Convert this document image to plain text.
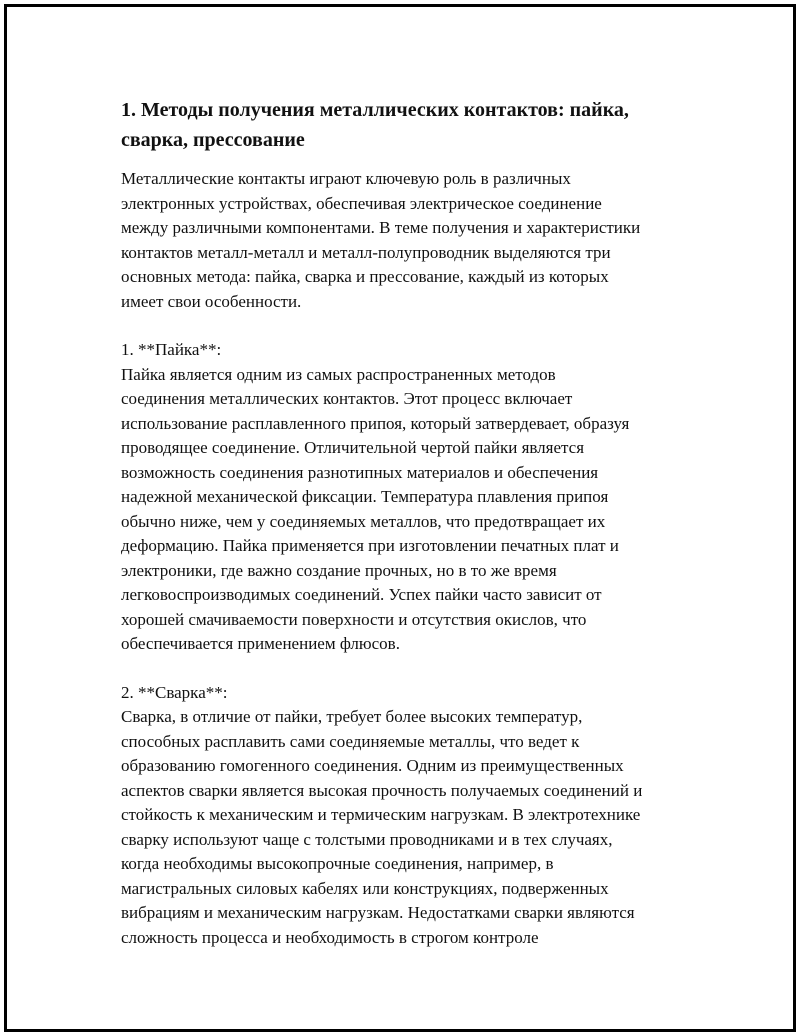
1. Методы получения металлических контактов: пайка, сварка, прессование

Металлические контакты играют ключевую роль в различных
электронных устройствах, обеспечивая электрическое соединение
между различными компонентами. В теме получения и характеристики
контактов металл-металл и металл-полупроводник выделяются три
основных метода: пайка, сварка и прессование, каждый из которых
имеет свои особенности.

1. **Пайка**:

Пайка является одним из самых распространенных методов
соединения металлических контактов. Этот процесс включает
использование расплавленного припоя, который затвердевает, образуя
проводящее соединение. Отличительной чертой пайки является
возможность соединения разнотипных материалов и обеспечения
надежной механической фиксации. Температура плавления припоя
обычно ниже, чем у соединяемых металлов, что предотвращает их
деформацию. Пайка применяется при изготовлении печатных плат и
электроники, где важно создание прочных, но в то же время
легковоспроизводимых соединений. Успех пайки часто зависит от
хорошей смачиваемости поверхности и отсутствия окислов, что
обеспечивается применением флюсов.

2. **Сварка**:

Сварка, в отличие от пайки, требует более высоких температур,
способных расплавить сами соединяемые металлы, что ведет к
образованию гомогенного соединения. Одним из преимущественных
аспектов сварки является высокая прочность получаемых соединений и
стойкость к механическим и термическим нагрузкам. В электротехнике
сварку используют чаще с толстыми проводниками и в тех случаях,
когда необходимы высокопрочные соединения, например, в
магистральных силовых кабелях или конструкциях, подверженных
вибрациям и механическим нагрузкам. Недостатками сварки являются
сложность процесса и необходимость в строгом контроле
